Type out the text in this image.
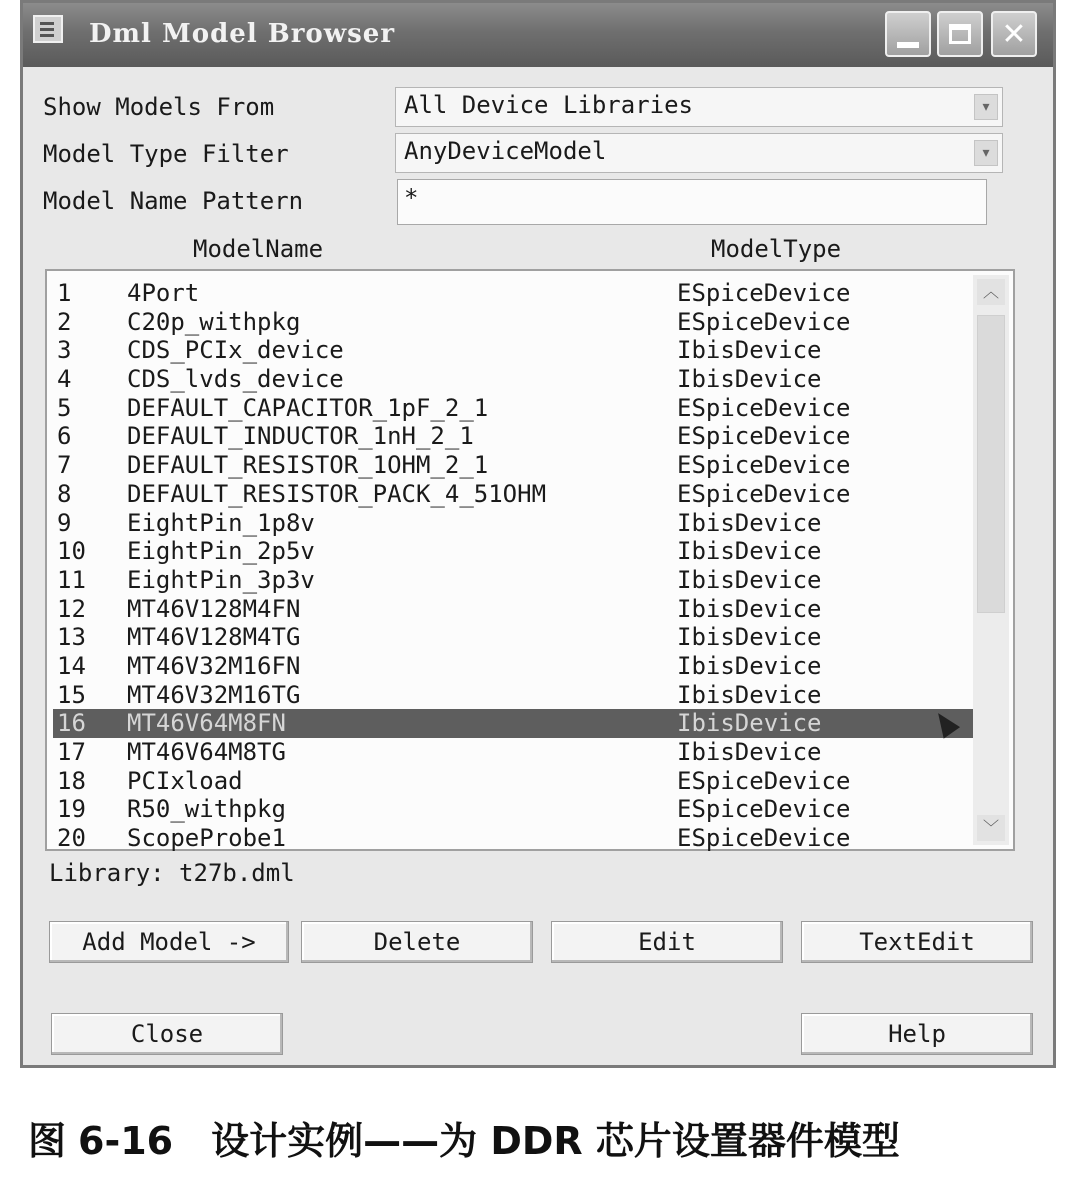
Dml Model Browser	✕
Show Models From	All Device Libraries	▾
Model Type Filter	AnyDeviceModel	▾
Model Name Pattern	*
ModelName	ModelType
1 4Port	ESpiceDevice
2 C20p_withpkg	ESpiceDevice
3 CDS_PCIx_device	IbisDevice
4 CDS_lvds_device	IbisDevice
5 DEFAULT_CAPACITOR_1pF_2_1	ESpiceDevice
6 DEFAULT_INDUCTOR_1nH_2_1	ESpiceDevice
7 DEFAULT_RESISTOR_1OHM_2_1	ESpiceDevice
8 DEFAULT_RESISTOR_PACK_4_51OHM	ESpiceDevice
9 EightPin_1p8v	IbisDevice
10 EightPin_2p5v	IbisDevice
11 EightPin_3p3v	IbisDevice
12 MT46V128M4FN	IbisDevice
13 MT46V128M4TG	IbisDevice
14 MT46V32M16FN	IbisDevice
15 MT46V32M16TG	IbisDevice
16 MT46V64M8FN	IbisDevice
17 MT46V64M8TG	IbisDevice
18 PCIxload	ESpiceDevice
19 R50_withpkg	ESpiceDevice
20 ScopeProbe1	ESpiceDevice
︿
﹀
Library: t27b.dml
Add Model ->	Delete	Edit	TextEdit
Close	Help
图 6-16 设计实例——为 DDR 芯片设置器件模型
